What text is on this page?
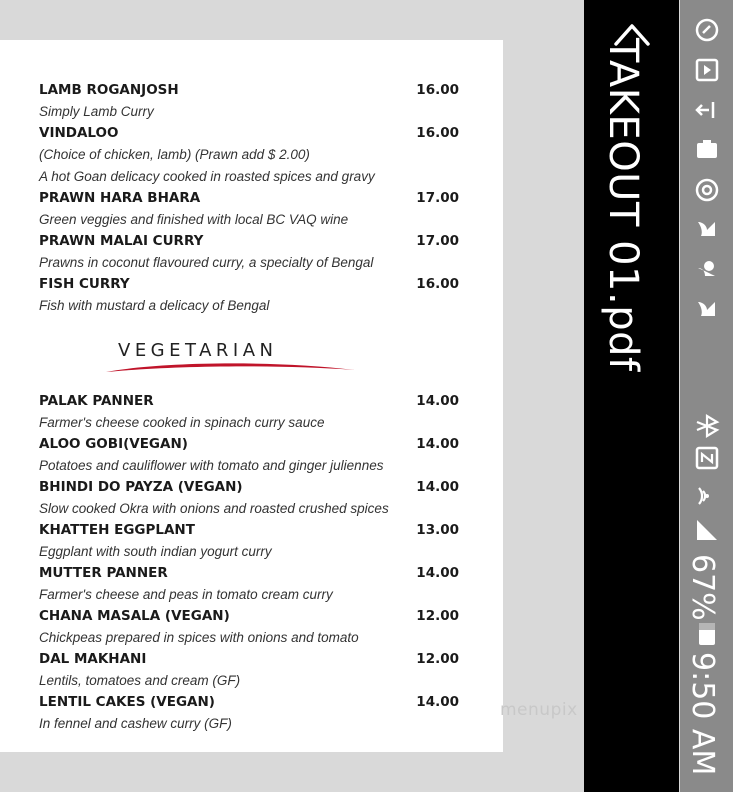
LAMB ROGANJOSH	16.00
Simply Lamb Curry
VINDALOO	16.00
(Choice of chicken, lamb) (Prawn add $ 2.00)
A hot Goan delicacy cooked in roasted spices and gravy
PRAWN HARA BHARA	17.00
Green veggies and finished with local BC VAQ wine
PRAWN MALAI CURRY	17.00
Prawns in coconut flavoured curry, a specialty of Bengal
FISH CURRY	16.00
Fish with mustard a delicacy of Bengal
VEGETARIAN
PALAK PANNER	14.00
Farmer's cheese cooked in spinach curry sauce
ALOO GOBI(VEGAN)	14.00
Potatoes and cauliflower with tomato and ginger juliennes
BHINDI DO PAYZA (VEGAN)	14.00
Slow cooked Okra with onions and roasted crushed spices
KHATTEH EGGPLANT	13.00
Eggplant with south indian yogurt curry
MUTTER PANNER	14.00
Farmer's cheese and peas in tomato cream curry
CHANA MASALA (VEGAN)	12.00
Chickpeas prepared in spices with onions and tomato
DAL MAKHANI	12.00
Lentils, tomatoes and cream (GF)
LENTIL CAKES (VEGAN)	14.00
In fennel and cashew curry (GF)
menupix
TAKEOUT 01.pdf
67%
9:50 AM
